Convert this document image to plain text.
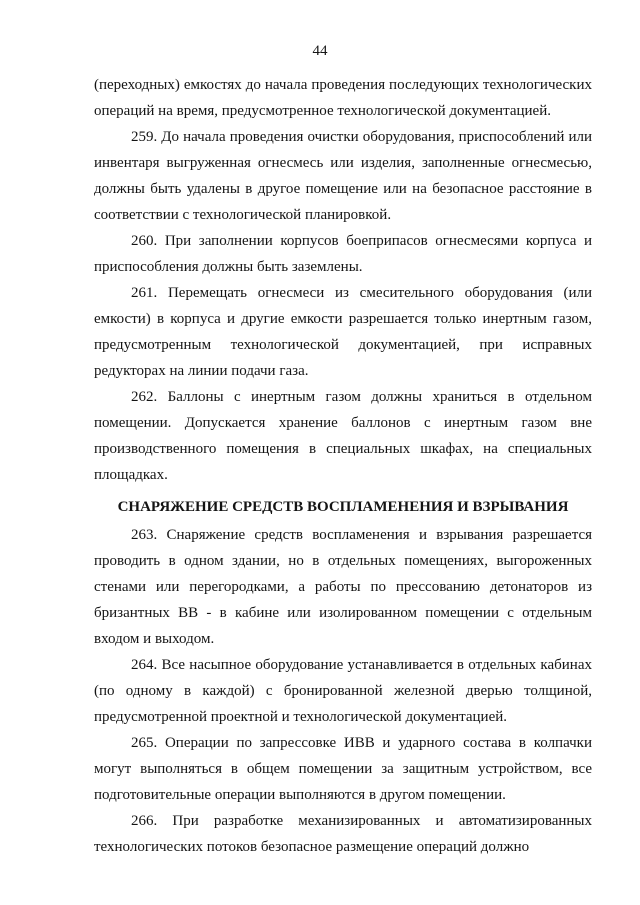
44

(переходных) емкостях до начала проведения последующих технологических операций на время, предусмотренное технологической документацией.

259. До начала проведения очистки оборудования, приспособлений или инвентаря выгруженная огнесмесь или изделия, заполненные огнесмесью, должны быть удалены в другое помещение или на безопасное расстояние в соответствии с технологической планировкой.

260. При заполнении корпусов боеприпасов огнесмесями корпуса и приспособления должны быть заземлены.

261. Перемещать огнесмеси из смесительного оборудования (или емкости) в корпуса и другие емкости разрешается только инертным газом, предусмотренным технологической документацией, при исправных редукторах на линии подачи газа.

262. Баллоны с инертным газом должны храниться в отдельном помещении. Допускается хранение баллонов с инертным газом вне производственного помещения в специальных шкафах, на специальных площадках.

СНАРЯЖЕНИЕ СРЕДСТВ ВОСПЛАМЕНЕНИЯ И ВЗРЫВАНИЯ

263. Снаряжение средств воспламенения и взрывания разрешается проводить в одном здании, но в отдельных помещениях, выгороженных стенами или перегородками, а работы по прессованию детонаторов из бризантных ВВ - в кабине или изолированном помещении с отдельным входом и выходом.

264. Все насыпное оборудование устанавливается в отдельных кабинах (по одному в каждой) с бронированной железной дверью толщиной, предусмотренной проектной и технологической документацией.

265. Операции по запрессовке ИВВ и ударного состава в колпачки могут выполняться в общем помещении за защитным устройством, все подготовительные операции выполняются в другом помещении.

266. При разработке механизированных и автоматизированных технологических потоков безопасное размещение операций должно
